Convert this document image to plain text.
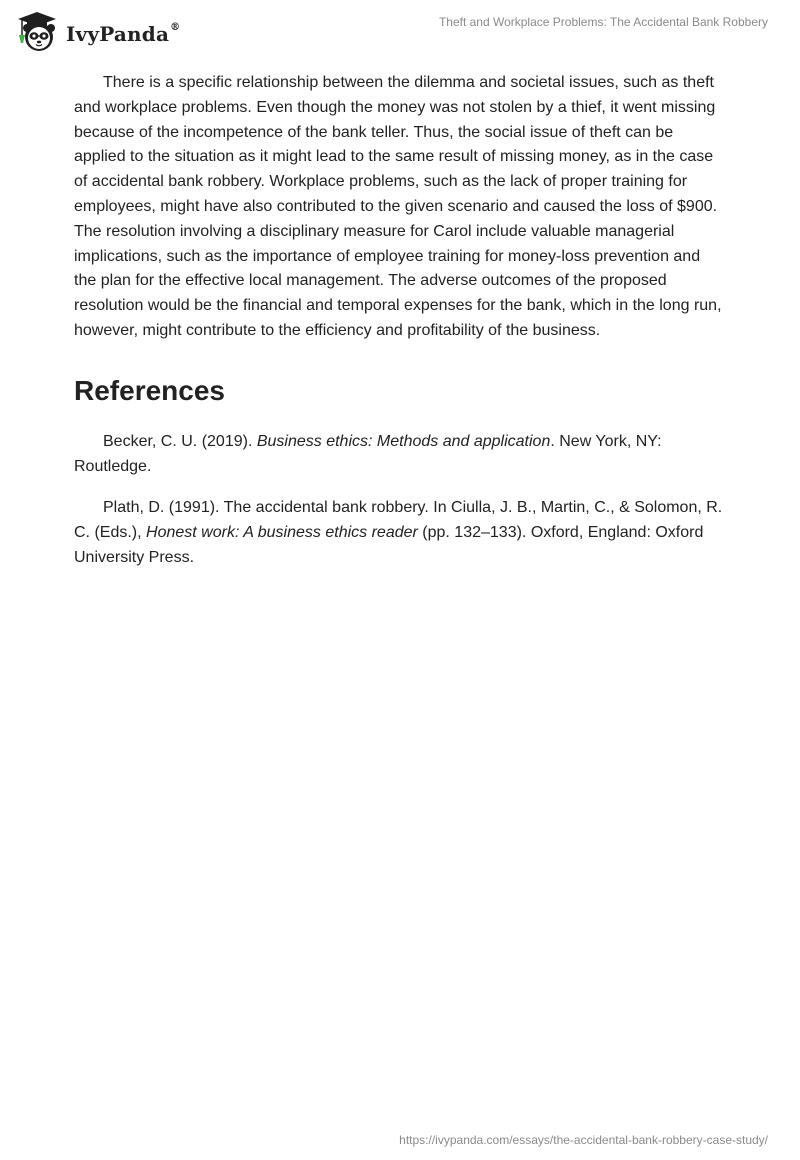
IvyPanda®	Theft and Workplace Problems: The Accidental Bank Robbery

There is a specific relationship between the dilemma and societal issues, such as theft and workplace problems. Even though the money was not stolen by a thief, it went missing because of the incompetence of the bank teller. Thus, the social issue of theft can be applied to the situation as it might lead to the same result of missing money, as in the case of accidental bank robbery. Workplace problems, such as the lack of proper training for employees, might have also contributed to the given scenario and caused the loss of $900. The resolution involving a disciplinary measure for Carol include valuable managerial implications, such as the importance of employee training for money-loss prevention and the plan for the effective local management. The adverse outcomes of the proposed resolution would be the financial and temporal expenses for the bank, which in the long run, however, might contribute to the efficiency and profitability of the business.

References

Becker, C. U. (2019). Business ethics: Methods and application. New York, NY: Routledge.

Plath, D. (1991). The accidental bank robbery. In Ciulla, J. B., Martin, C., & Solomon, R. C. (Eds.), Honest work: A business ethics reader (pp. 132–133). Oxford, England: Oxford University Press.

https://ivypanda.com/essays/the-accidental-bank-robbery-case-study/
